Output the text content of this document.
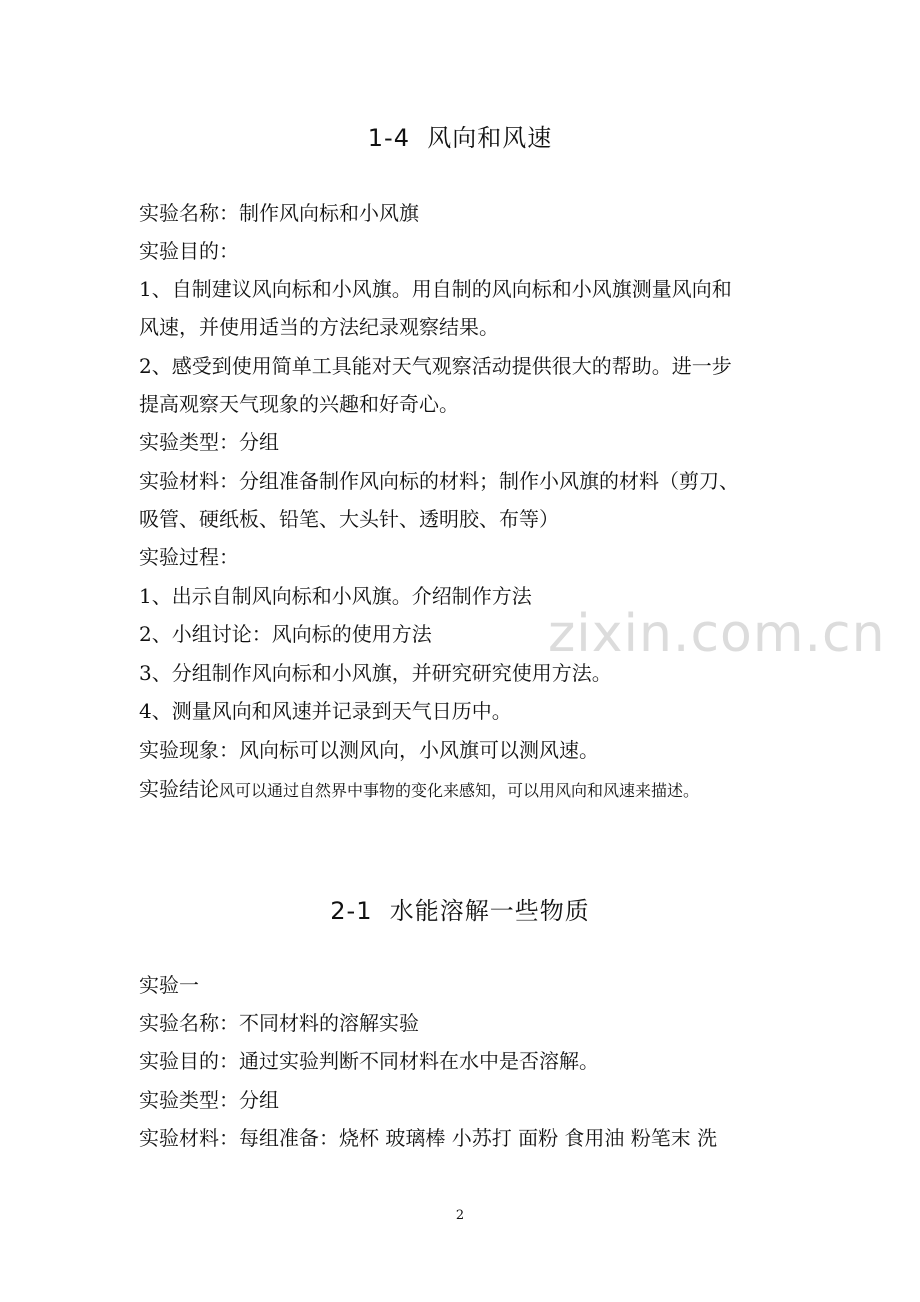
zixin.com.cn
1-4  风向和风速
实验名称：制作风向标和小风旗
实验目的：
1、自制建议风向标和小风旗。用自制的风向标和小风旗测量风向和
风速，并使用适当的方法纪录观察结果。
2、感受到使用简单工具能对天气观察活动提供很大的帮助。进一步
提高观察天气现象的兴趣和好奇心。
实验类型：分组
实验材料：分组准备制作风向标的材料；制作小风旗的材料（剪刀、
吸管、硬纸板、铅笔、大头针、透明胶、布等）
实验过程：
1、出示自制风向标和小风旗。介绍制作方法
2、小组讨论：风向标的使用方法
3、分组制作风向标和小风旗，并研究研究使用方法。
4、测量风向和风速并记录到天气日历中。
实验现象：风向标可以测风向，小风旗可以测风速。
实验结论风可以通过自然界中事物的变化来感知，可以用风向和风速来描述。
2-1  水能溶解一些物质
实验一
实验名称：不同材料的溶解实验
实验目的：通过实验判断不同材料在水中是否溶解。
实验类型：分组
实验材料：每组准备：烧杯 玻璃棒 小苏打 面粉 食用油 粉笔末 洗
2
